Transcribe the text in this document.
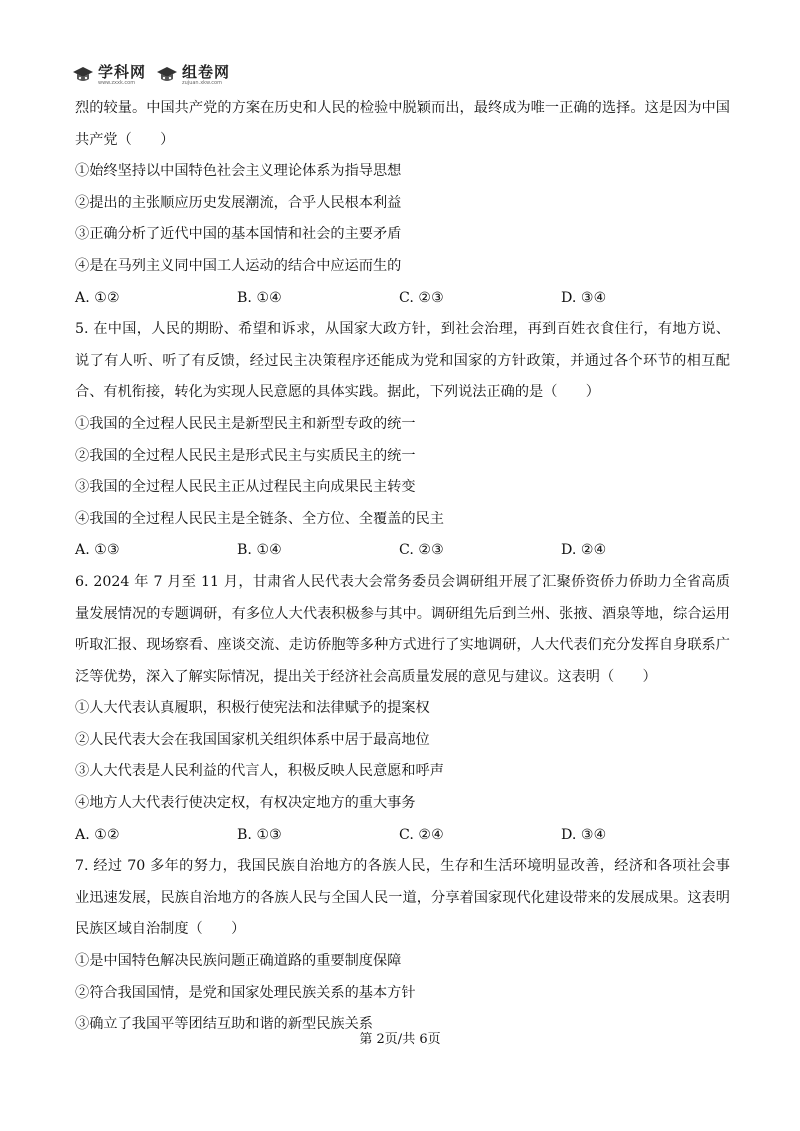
学科网
www.zxxk.com
组卷网
zujuan.xkw.com

烈的较量。中国共产党的方案在历史和人民的检验中脱颖而出，最终成为唯一正确的选择。这是因为中国共产党（　　）

①始终坚持以中国特色社会主义理论体系为指导思想

②提出的主张顺应历史发展潮流，合乎人民根本利益

③正确分析了近代中国的基本国情和社会的主要矛盾

④是在马列主义同中国工人运动的结合中应运而生的

A. ①②	B. ①④	C. ②③	D. ③④

5. 在中国，人民的期盼、希望和诉求，从国家大政方针，到社会治理，再到百姓衣食住行，有地方说、说了有人听、听了有反馈，经过民主决策程序还能成为党和国家的方针政策，并通过各个环节的相互配合、有机衔接，转化为实现人民意愿的具体实践。据此，下列说法正确的是（　　）

①我国的全过程人民民主是新型民主和新型专政的统一

②我国的全过程人民民主是形式民主与实质民主的统一

③我国的全过程人民民主正从过程民主向成果民主转变

④我国的全过程人民民主是全链条、全方位、全覆盖的民主

A. ①③	B. ①④	C. ②③	D. ②④

6. 2024 年 7 月至 11 月，甘肃省人民代表大会常务委员会调研组开展了汇聚侨资侨力侨助力全省高质量发展情况的专题调研，有多位人大代表积极参与其中。调研组先后到兰州、张掖、酒泉等地，综合运用听取汇报、现场察看、座谈交流、走访侨胞等多种方式进行了实地调研，人大代表们充分发挥自身联系广泛等优势，深入了解实际情况，提出关于经济社会高质量发展的意见与建议。这表明（　　）

①人大代表认真履职，积极行使宪法和法律赋予的提案权

②人民代表大会在我国国家机关组织体系中居于最高地位

③人大代表是人民利益的代言人，积极反映人民意愿和呼声

④地方人大代表行使决定权，有权决定地方的重大事务

A. ①②	B. ①③	C. ②④	D. ③④

7. 经过 70 多年的努力，我国民族自治地方的各族人民，生存和生活环境明显改善，经济和各项社会事业迅速发展，民族自治地方的各族人民与全国人民一道，分享着国家现代化建设带来的发展成果。这表明民族区域自治制度（　　）

①是中国特色解决民族问题正确道路的重要制度保障

②符合我国国情，是党和国家处理民族关系的基本方针

③确立了我国平等团结互助和谐的新型民族关系

第 2页/共 6页
